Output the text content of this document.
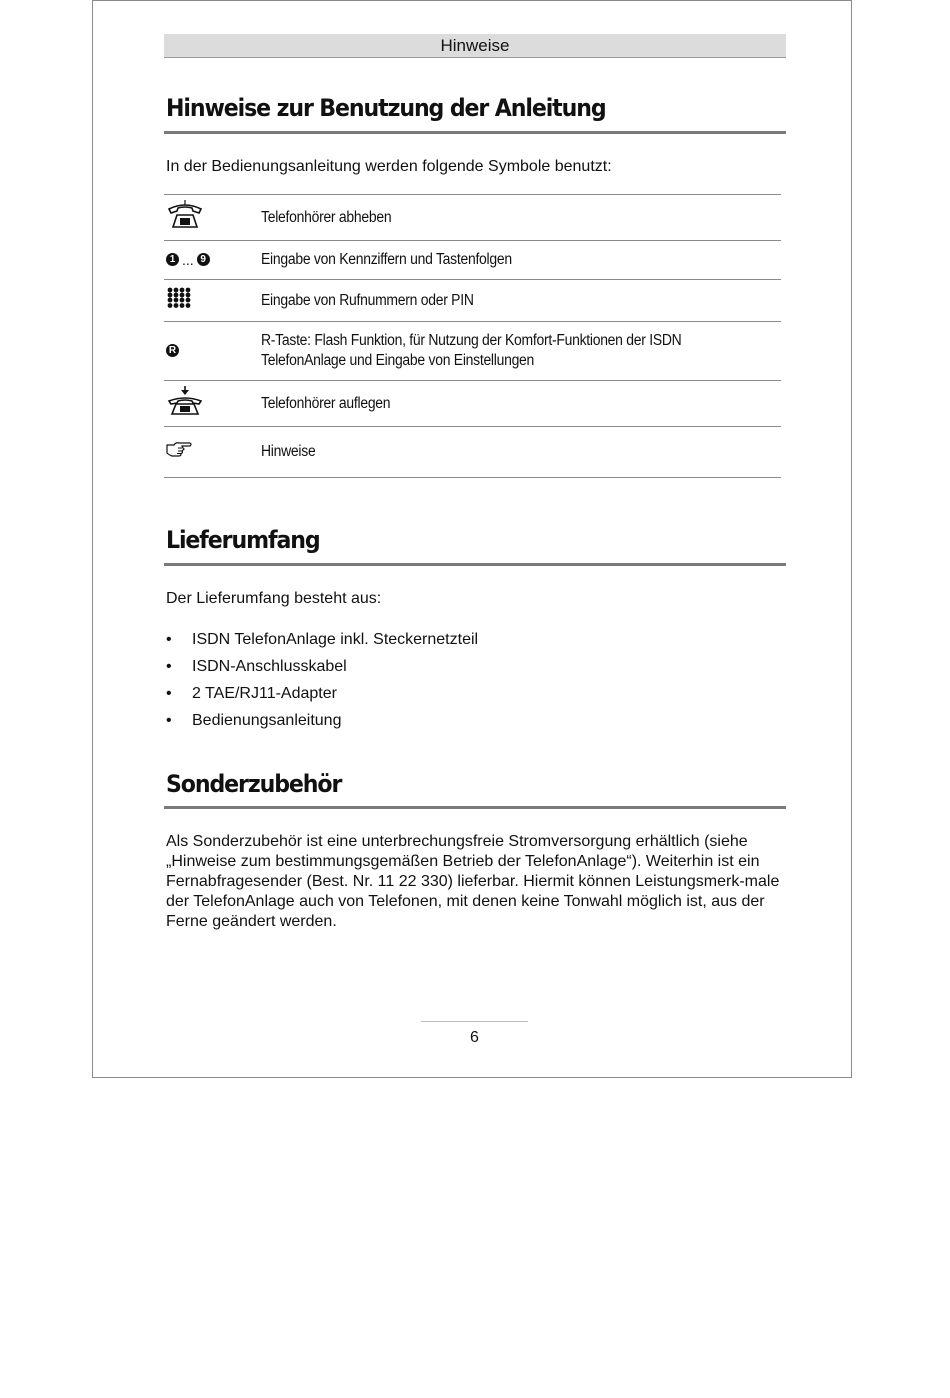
Hinweise
Hinweise zur Benutzung der Anleitung

In der Bedienungsanleitung werden folgende Symbole benutzt:

	Telefonhörer abheben
1 ... 9	Eingabe von Kennziffern und Tastenfolgen
	Eingabe von Rufnummern oder PIN
R	R-Taste: Flash Funktion, für Nutzung der Komfort-Funktionen der ISDN TelefonAnlage und Eingabe von Einstellungen
	Telefonhörer auflegen
	Hinweise
Lieferumfang

Der Lieferumfang besteht aus:

• ISDN TelefonAnlage inkl. Steckernetzteil
• ISDN-Anschlusskabel
• 2 TAE/RJ11-Adapter
• Bedienungsanleitung
Sonderzubehör

Als Sonderzubehör ist eine unterbrechungsfreie Stromversorgung erhältlich (siehe „Hinweise zum bestimmungsgemäßen Betrieb der TelefonAnlage“). Weiterhin ist ein Fernabfragesender (Best. Nr. 11 22 330) lieferbar. Hiermit können Leistungsmerk-male der TelefonAnlage auch von Telefonen, mit denen keine Tonwahl möglich ist, aus der Ferne geändert werden.

6
